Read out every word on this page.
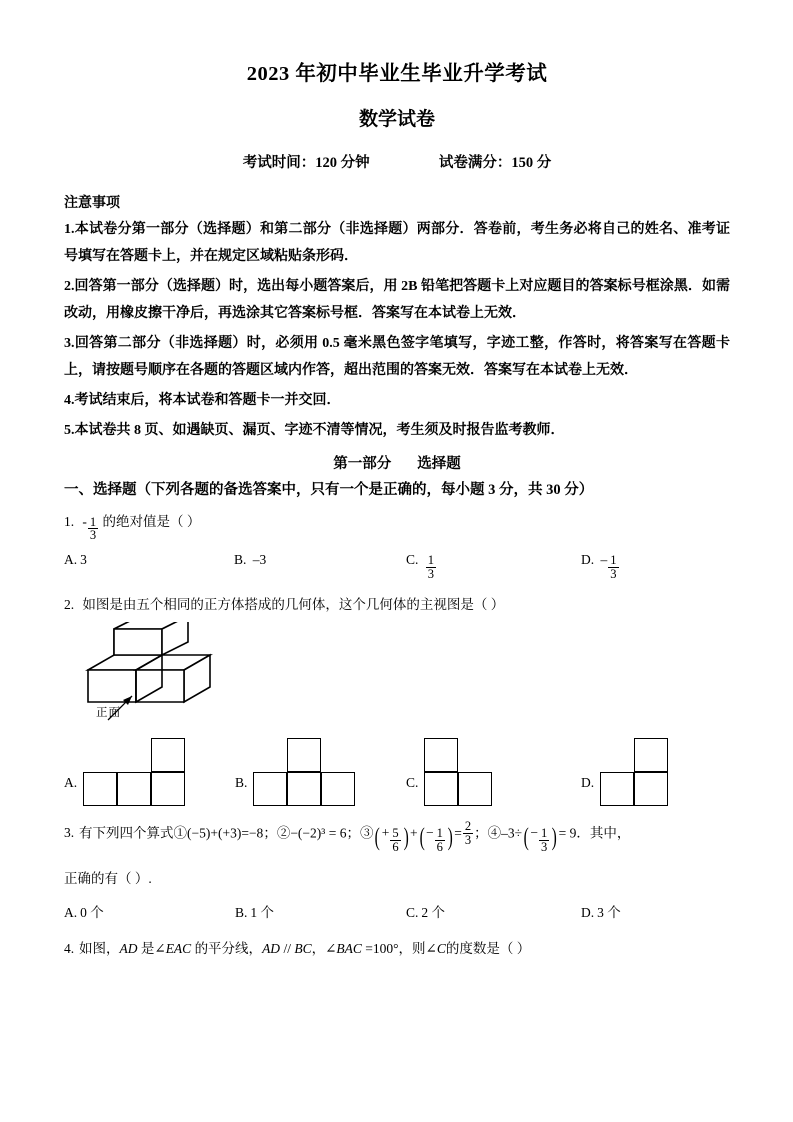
2023 年初中毕业生毕业升学考试
数学试卷
考试时间：120 分钟	试卷满分：150 分
注意事项
1.本试卷分第一部分（选择题）和第二部分（非选择题）两部分．答卷前，考生务必将自己的姓名、准考证号填写在答题卡上，并在规定区域粘贴条形码．
2.回答第一部分（选择题）时，选出每小题答案后，用 2B 铅笔把答题卡上对应题目的答案标号框涂黑．如需改动，用橡皮擦干净后，再选涂其它答案标号框．答案写在本试卷上无效．
3.回答第二部分（非选择题）时，必须用 0.5 毫米黑色签字笔填写，字迹工整，作答时，将答案写在答题卡上，请按题号顺序在各题的答题区域内作答，超出范围的答案无效．答案写在本试卷上无效．
4.考试结束后，将本试卷和答题卡一并交回．
5.本试卷共 8 页、如遇缺页、漏页、字迹不清等情况，考生须及时报告监考教师．
第一部分 选择题
一、选择题（下列各题的备选答案中，只有一个是正确的，每小题 3 分，共 30 分）
1. - $\frac{1}{3}$ 的绝对值是（ ）
A. 3	B. –3	C. $\frac{1}{3}$	D. – $\frac{1}{3}$
2. 如图是由五个相同的正方体搭成的几何体，这个几何体的主视图是（ ）
正面
A.	B.	C.	D.
3. 有下列四个算式①(−5)+(+3)=−8；②−(−2)³ = 6；③( + $\frac{5}{6}$ ) +( − $\frac{1}{6}$ ) = $\frac{2}{3}$ ；④–3÷( − $\frac{1}{3}$ ) = 9．其中，
正确的有（ ）.
A. 0 个	B. 1 个	C. 2 个	D. 3 个
4. 如图，AD 是∠EAC 的平分线，AD // BC，∠BAC =100°，则∠C的度数是（ ）
